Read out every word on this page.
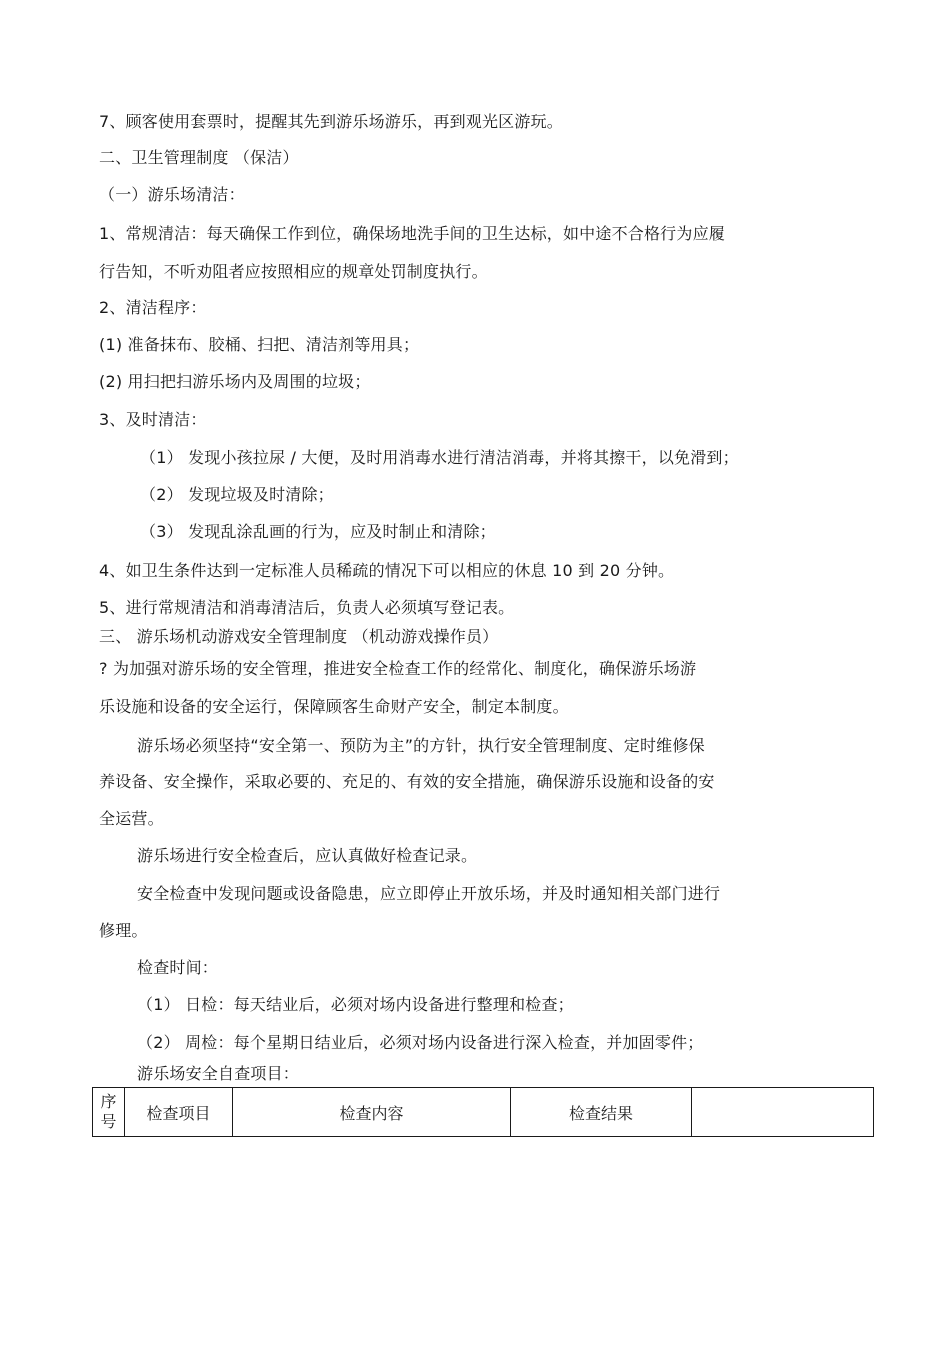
7、顾客使用套票时，提醒其先到游乐场游乐，再到观光区游玩。
二、卫生管理制度 （保洁）
（一）游乐场清洁：
1、常规清洁：每天确保工作到位，确保场地洗手间的卫生达标，如中途不合格行为应履
行告知，不听劝阻者应按照相应的规章处罚制度执行。
2、清洁程序：
(1) 准备抹布、胶桶、扫把、清洁剂等用具；
(2) 用扫把扫游乐场内及周围的垃圾；
3、及时清洁：
（1） 发现小孩拉尿 / 大便，及时用消毒水进行清洁消毒，并将其擦干，以免滑到；
（2） 发现垃圾及时清除；
（3） 发现乱涂乱画的行为，应及时制止和清除；
4、如卫生条件达到一定标准人员稀疏的情况下可以相应的休息 10 到 20 分钟。
5、进行常规清洁和消毒清洁后，负责人必须填写登记表。
三、 游乐场机动游戏安全管理制度 （机动游戏操作员）
? 为加强对游乐场的安全管理，推进安全检查工作的经常化、制度化，确保游乐场游
乐设施和设备的安全运行，保障顾客生命财产安全，制定本制度。
游乐场必须坚持“安全第一、预防为主”的方针，执行安全管理制度、定时维修保
养设备、安全操作，采取必要的、充足的、有效的安全措施，确保游乐设施和设备的安
全运营。
游乐场进行安全检查后，应认真做好检查记录。
安全检查中发现问题或设备隐患，应立即停止开放乐场，并及时通知相关部门进行
修理。
检查时间：
（1） 日检：每天结业后，必须对场内设备进行整理和检查；
（2） 周检：每个星期日结业后，必须对场内设备进行深入检查，并加固零件；
游乐场安全自查项目：
序
号	检查项目	检查内容	检查结果	
